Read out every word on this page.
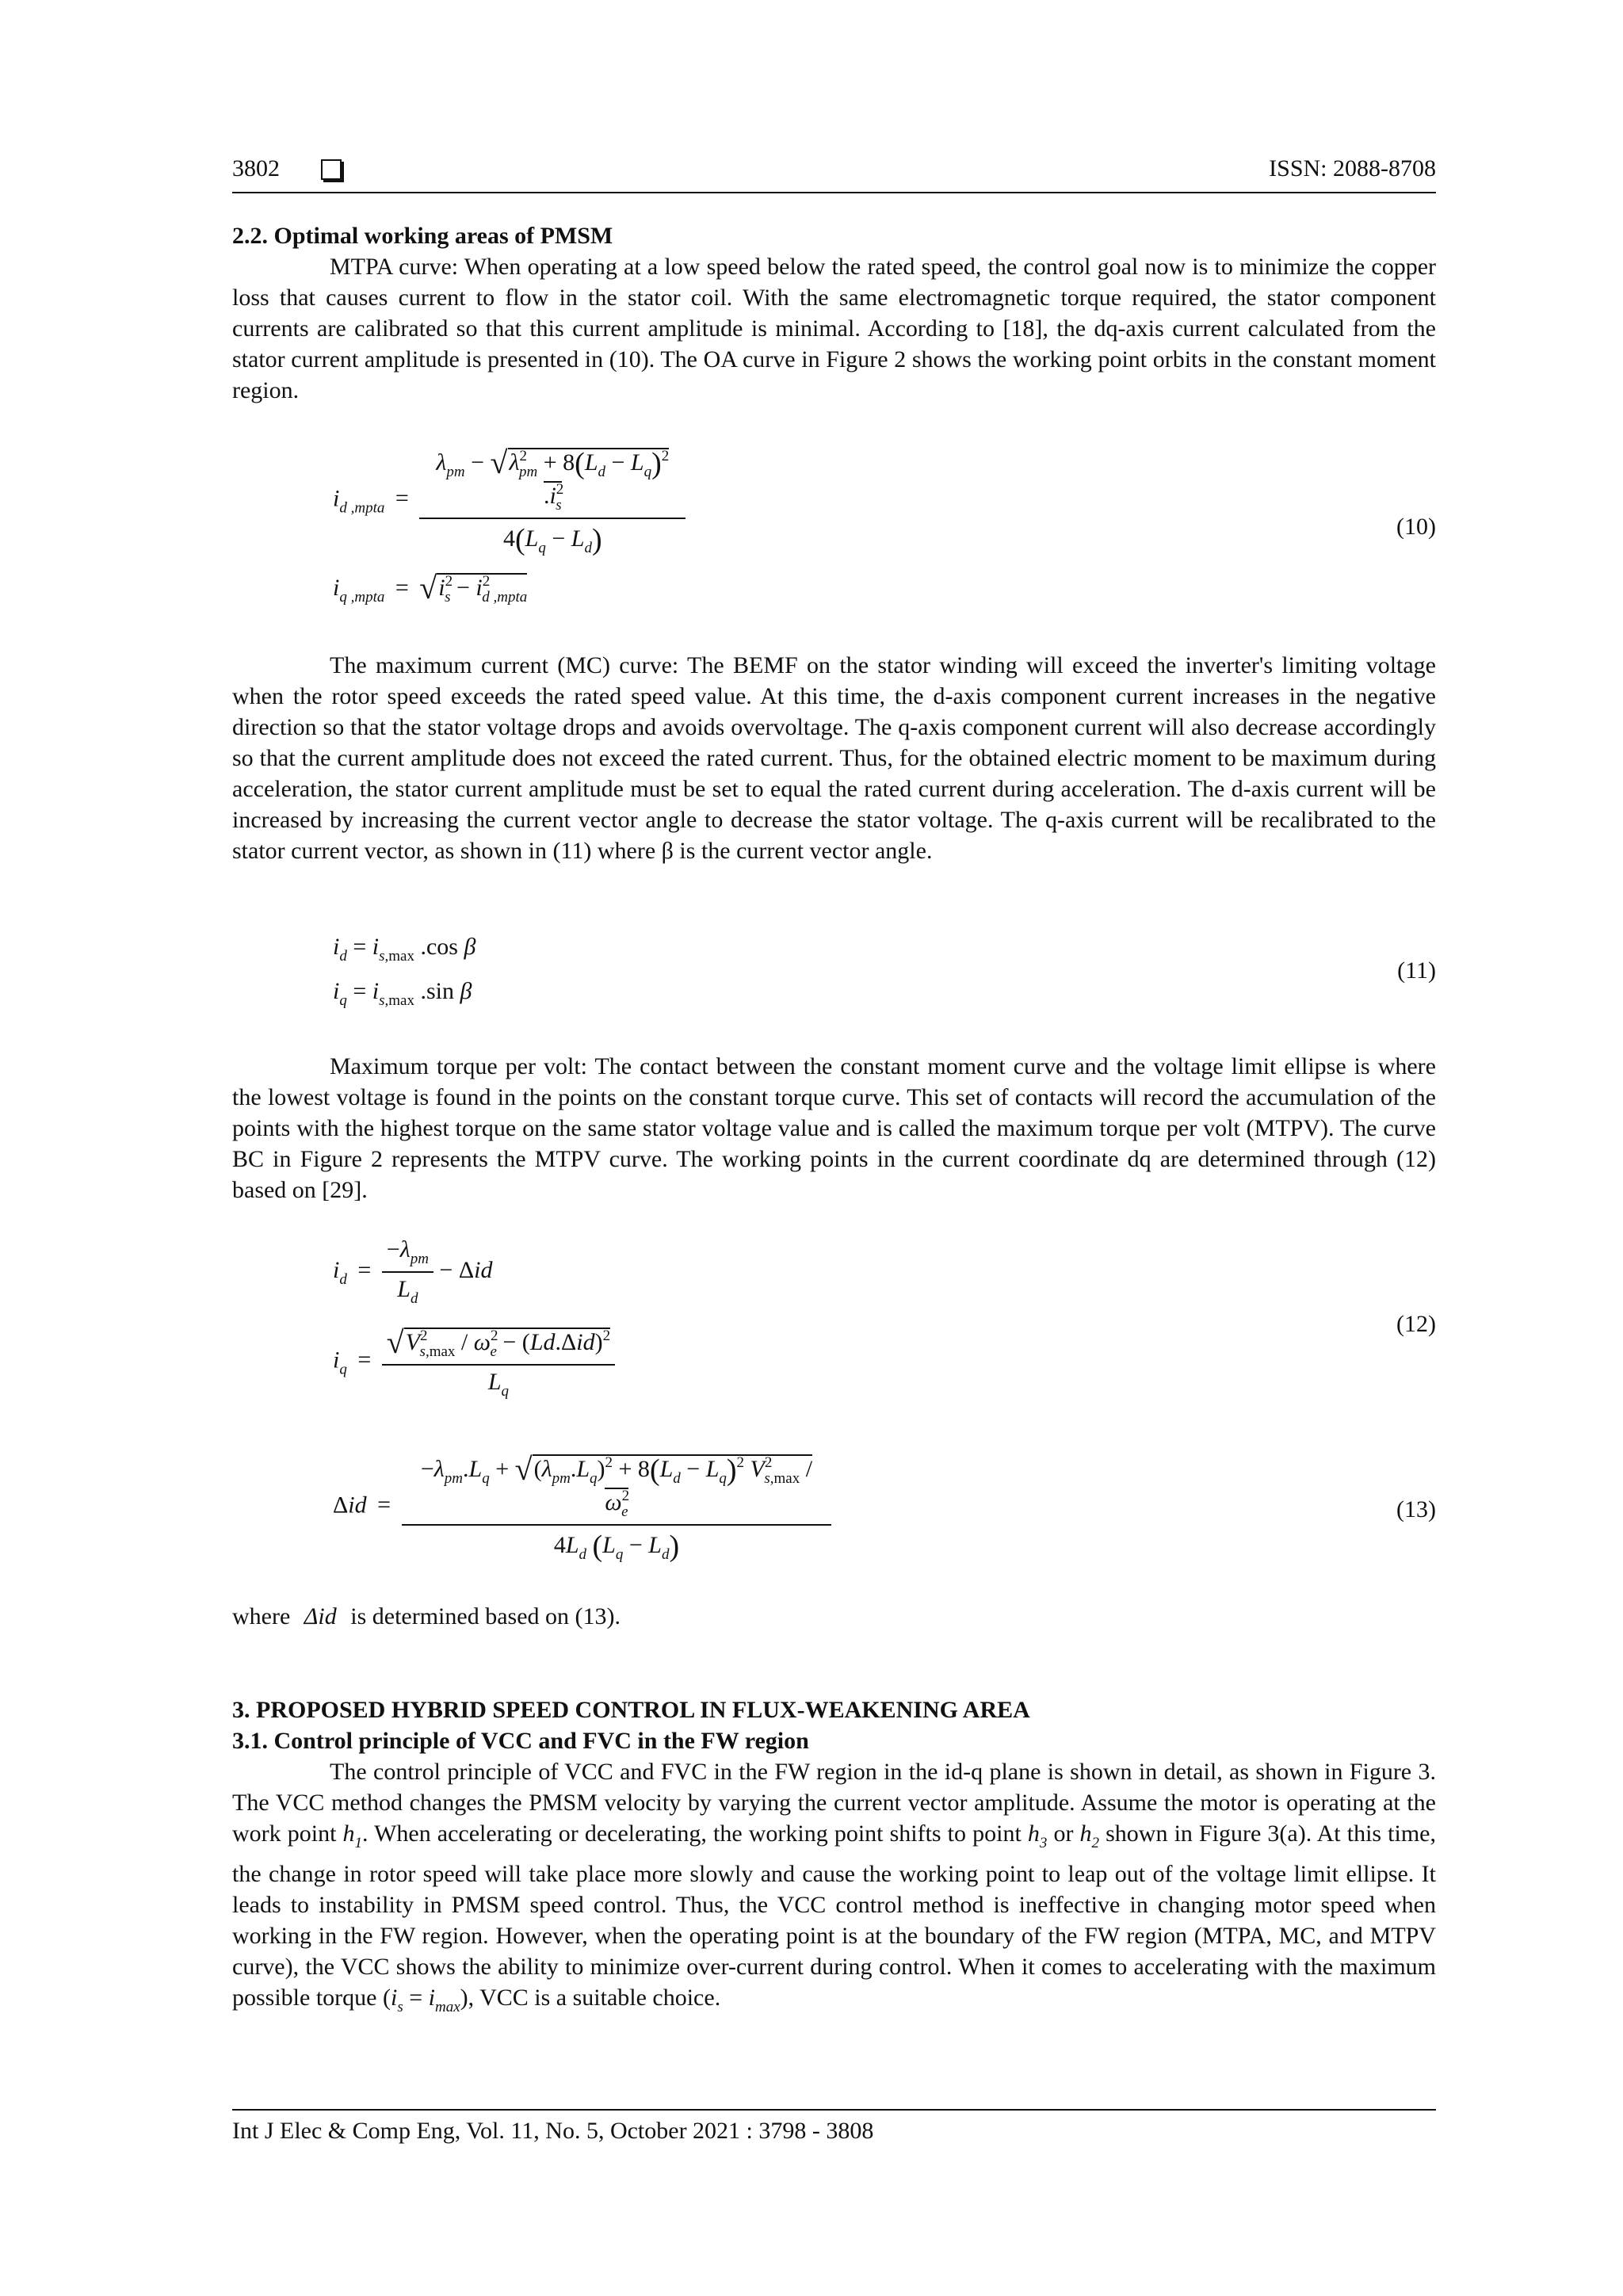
3802	ISSN: 2088-8708

2.2. Optimal working areas of PMSM

MTPA curve: When operating at a low speed below the rated speed, the control goal now is to minimize the copper loss that causes current to flow in the stator coil. With the same electromagnetic torque required, the stator component currents are calibrated so that this current amplitude is minimal. According to [18], the dq-axis current calculated from the stator current amplitude is presented in (10). The OA curve in Figure 2 shows the working point orbits in the constant moment region.

$i_{d ,mpta} = \frac{\lambda_{pm} - √\lambda^2_{pm} + 8(L_d - L_q)^2 .i^2_s}{4(L_q - L_d)}$
$i_{q ,mpta} = √i^2_s - i^2_{d ,mpta}$
(10)

The maximum current (MC) curve: The BEMF on the stator winding will exceed the inverter's limiting voltage when the rotor speed exceeds the rated speed value. At this time, the d-axis component current increases in the negative direction so that the stator voltage drops and avoids overvoltage. The q-axis component current will also decrease accordingly so that the current amplitude does not exceed the rated current. Thus, for the obtained electric moment to be maximum during acceleration, the stator current amplitude must be set to equal the rated current during acceleration. The d-axis current will be increased by increasing the current vector angle to decrease the stator voltage. The q-axis current will be recalibrated to the stator current vector, as shown in (11) where β is the current vector angle.

$i_d = i_{s,max}$ .cos β
$i_q = i_{s,max}$ .sin β
(11)

Maximum torque per volt: The contact between the constant moment curve and the voltage limit ellipse is where the lowest voltage is found in the points on the constant torque curve. This set of contacts will record the accumulation of the points with the highest torque on the same stator voltage value and is called the maximum torque per volt (MTPV). The curve BC in Figure 2 represents the MTPV curve. The working points in the current coordinate dq are determined through (12) based on [29].

$i_d = \frac{-\lambda_{pm}}{L_d} - \Delta id$
$i_q = \frac{√V^2_{s,max} / \omega^2_e - (Ld.\Delta id)^2}{L_q}$	(12)
$\Delta id = \frac{-\lambda_{pm}.L_q + √(\lambda_{pm}.L_q)^2 + 8(L_d - L_q)^2 V^2_{s,max} / \omega^2_e}{4L_d (L_q - L_d)}$	(13)

where Δid is determined based on (13).

3. PROPOSED HYBRID SPEED CONTROL IN FLUX-WEAKENING AREA

3.1. Control principle of VCC and FVC in the FW region

The control principle of VCC and FVC in the FW region in the id-q plane is shown in detail, as shown in Figure 3. The VCC method changes the PMSM velocity by varying the current vector amplitude. Assume the motor is operating at the work point $h_1$. When accelerating or decelerating, the working point shifts to point $h_3$ or $h_2$ shown in Figure 3(a). At this time, the change in rotor speed will take place more slowly and cause the working point to leap out of the voltage limit ellipse. It leads to instability in PMSM speed control. Thus, the VCC control method is ineffective in changing motor speed when working in the FW region. However, when the operating point is at the boundary of the FW region (MTPA, MC, and MTPV curve), the VCC shows the ability to minimize over-current during control. When it comes to accelerating with the maximum possible torque $(i_s = i_{max})$, VCC is a suitable choice.

Int J Elec & Comp Eng, Vol. 11, No. 5, October 2021 : 3798 - 3808
